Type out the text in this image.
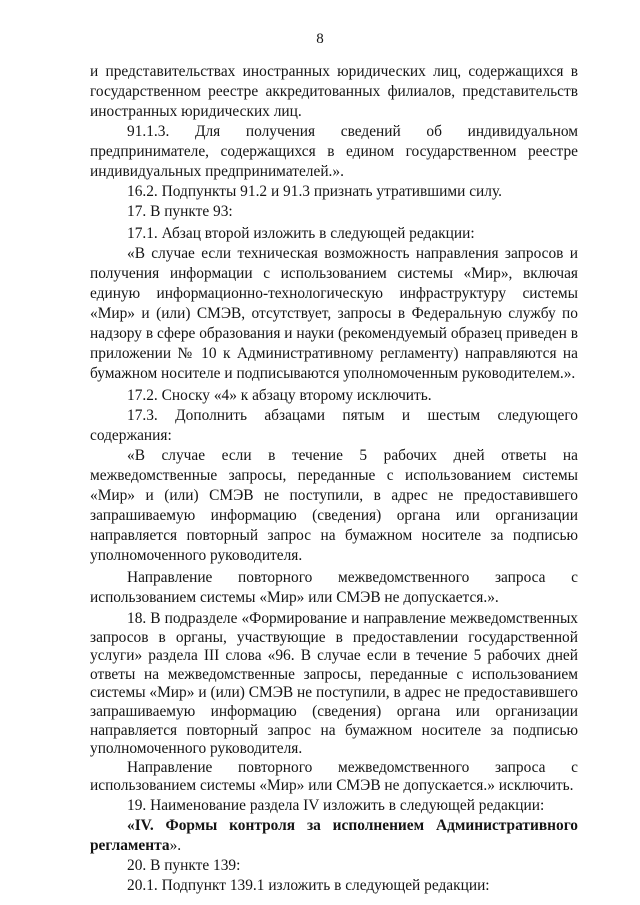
8

и представительствах иностранных юридических лиц, содержащихся в государственном реестре аккредитованных филиалов, представительств иностранных юридических лиц.

91.1.3. Для получения сведений об индивидуальном предпринимателе, содержащихся в едином государственном реестре индивидуальных предпринимателей.».

16.2. Подпункты 91.2 и 91.3 признать утратившими силу.

17. В пункте 93:

17.1. Абзац второй изложить в следующей редакции:

«В случае если техническая возможность направления запросов и получения информации с использованием системы «Мир», включая единую информационно-технологическую инфраструктуру системы «Мир» и (или) СМЭВ, отсутствует, запросы в Федеральную службу по надзору в сфере образования и науки (рекомендуемый образец приведен в приложении № 10 к Административному регламенту) направляются на бумажном носителе и подписываются уполномоченным руководителем.».

17.2. Сноску «4» к абзацу второму исключить.

17.3. Дополнить абзацами пятым и шестым следующего содержания:

«В случае если в течение 5 рабочих дней ответы на межведомственные запросы, переданные с использованием системы «Мир» и (или) СМЭВ не поступили, в адрес не предоставившего запрашиваемую информацию (сведения) органа или организации направляется повторный запрос на бумажном носителе за подписью уполномоченного руководителя.

Направление повторного межведомственного запроса с использованием системы «Мир» или СМЭВ не допускается.».

18. В подразделе «Формирование и направление межведомственных запросов в органы, участвующие в предоставлении государственной услуги» раздела III слова «96. В случае если в течение 5 рабочих дней ответы на межведомственные запросы, переданные с использованием системы «Мир» и (или) СМЭВ не поступили, в адрес не предоставившего запрашиваемую информацию (сведения) органа или организации направляется повторный запрос на бумажном носителе за подписью уполномоченного руководителя.

Направление повторного межведомственного запроса с использованием системы «Мир» или СМЭВ не допускается.» исключить.

19. Наименование раздела IV изложить в следующей редакции:

«IV. Формы контроля за исполнением Административного регламента».

20. В пункте 139:

20.1. Подпункт 139.1 изложить в следующей редакции:
